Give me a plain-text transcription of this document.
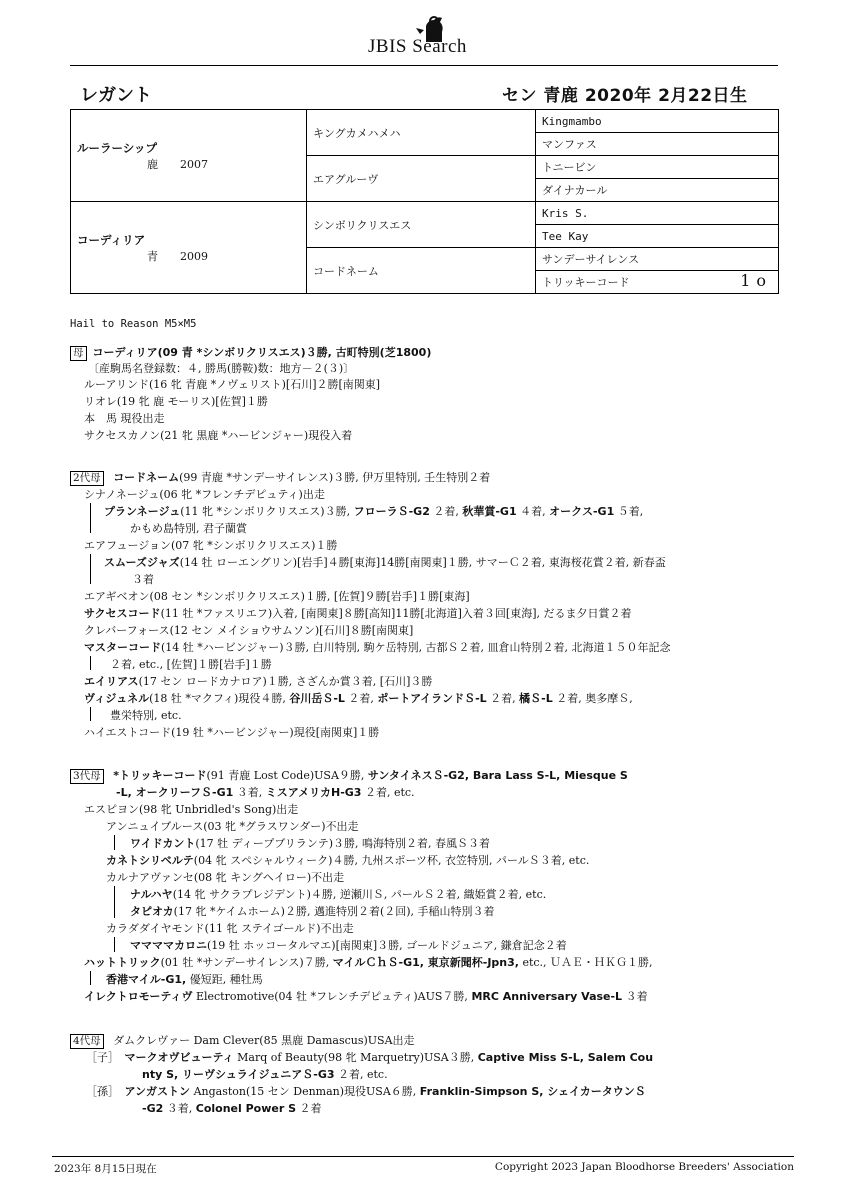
JBIS Search
レガント	セン 青鹿 2020年 2月22日生
ルーラーシップ
鹿　　 2007	キングカメハメハ	Kingmambo
		マンファス
	エアグルーヴ	トニービン
		ダイナカール

コーディリア
青　　 2009	シンボリクリスエス	Kris S.
		Tee Kay
	コードネーム	サンデーサイレンス
		トリッキーコード 1o
Hail to Reason M5×M5
母 コーディリア(09 青 *シンボリクリスエス)３勝, 古町特別(芝1800)
〔産駒馬名登録数：４, 勝馬(勝鞍)数：地方－２(３)〕
ルーアリンド(16 牝 青鹿 *ノヴェリスト)[石川]２勝[南関東]
リオレ(19 牝 鹿 モーリス)[佐賀]１勝
本　馬 現役出走
サクセスカノン(21 牝 黒鹿 *ハービンジャー)現役入着
2代母 コードネーム(99 青鹿 *サンデーサイレンス)３勝, 伊万里特別, 壬生特別２着
シナノネージュ(06 牝 *フレンチデピュティ)出走
プランネージュ(11 牝 *シンボリクリスエス)３勝, フローラＳ-G2 ２着, 秋華賞-G1 ４着, オークス-G1 ５着,
かもめ島特別, 君子蘭賞
エアフュージョン(07 牝 *シンボリクリスエス)１勝
スムーズジャズ(14 牡 ローエングリン)[岩手]４勝[東海]14勝[南関東]１勝, サマーＣ２着, 東海桜花賞２着, 新春盃
３着
エアギベオン(08 セン *シンボリクリスエス)１勝, [佐賀]９勝[岩手]１勝[東海]
サクセスコード(11 牡 *ファスリエフ)入着, [南関東]８勝[高知]11勝[北海道]入着３回[東海], だるま夕日賞２着
クレバーフォース(12 セン メイショウサムソン)[石川]８勝[南関東]
マスターコード(14 牡 *ハービンジャー)３勝, 白川特別, 駒ケ岳特別, 古都Ｓ２着, 皿倉山特別２着, 北海道１５０年記念
２着, etc., [佐賀]１勝[岩手]１勝
エイリアス(17 セン ロードカナロア)１勝, さざんか賞３着, [石川]３勝
ヴィジュネル(18 牡 *マクフィ)現役４勝, 谷川岳Ｓ-L ２着, ポートアイランドＳ-L ２着, 橘Ｓ-L ２着, 奥多摩Ｓ,
豊栄特別, etc.
ハイエストコード(19 牡 *ハービンジャー)現役[南関東]１勝
3代母 *トリッキーコード(91 青鹿 Lost Code)USA９勝, サンタイネスＳ-G2, Bara Lass S-L, Miesque S
-L, オークリーフＳ-G1 ３着, ミスアメリカH-G3 ２着, etc.
エスピヨン(98 牝 Unbridled's Song)出走
アンニュイブルース(03 牝 *グラスワンダー)不出走
ワイドカント(17 牡 ディープブリランテ)３勝, 鳴海特別２着, 春風Ｓ３着
カネトシリベルテ(04 牝 スペシャルウィーク)４勝, 九州スポーツ杯, 衣笠特別, パールＳ３着, etc.
カルナアヴァンセ(08 牝 キングヘイロー)不出走
ナルハヤ(14 牝 サクラプレジデント)４勝, 逆瀬川Ｓ, パールＳ２着, 織姫賞２着, etc.
タピオカ(17 牝 *ケイムホーム)２勝, 邁進特別２着(２回), 手稲山特別３着
カラダダイヤモンド(11 牝 ステイゴールド)不出走
ママママカロニ(19 牡 ホッコータルマエ)[南関東]３勝, ゴールドジュニア, 鎌倉記念２着
ハットトリック(01 牡 *サンデーサイレンス)７勝, マイルＣｈＳ-G1, 東京新聞杯-Jpn3, etc., ＵＡＥ・ＨＫＧ１勝,
香港マイル-G1, 優短距, 種牡馬
イレクトロモーティヴ Electromotive(04 牡 *フレンチデピュティ)AUS７勝, MRC Anniversary Vase-L ３着
4代母 ダムクレヴァー Dam Clever(85 黒鹿 Damascus)USA出走
［子］　 マークオヴビューティ Marq of Beauty(98 牝 Marquetry)USA３勝, Captive Miss S-L, Salem Cou
nty S, リーヴシュライジュニアＳ-G3 ２着, etc.
［孫］　 アンガストン Angaston(15 セン Denman)現役USA６勝, Franklin-Simpson S, シェイカータウンＳ
-G2 ３着, Colonel Power S ２着
2023年 8月15日現在	Copyright 2023 Japan Bloodhorse Breeders' Association
